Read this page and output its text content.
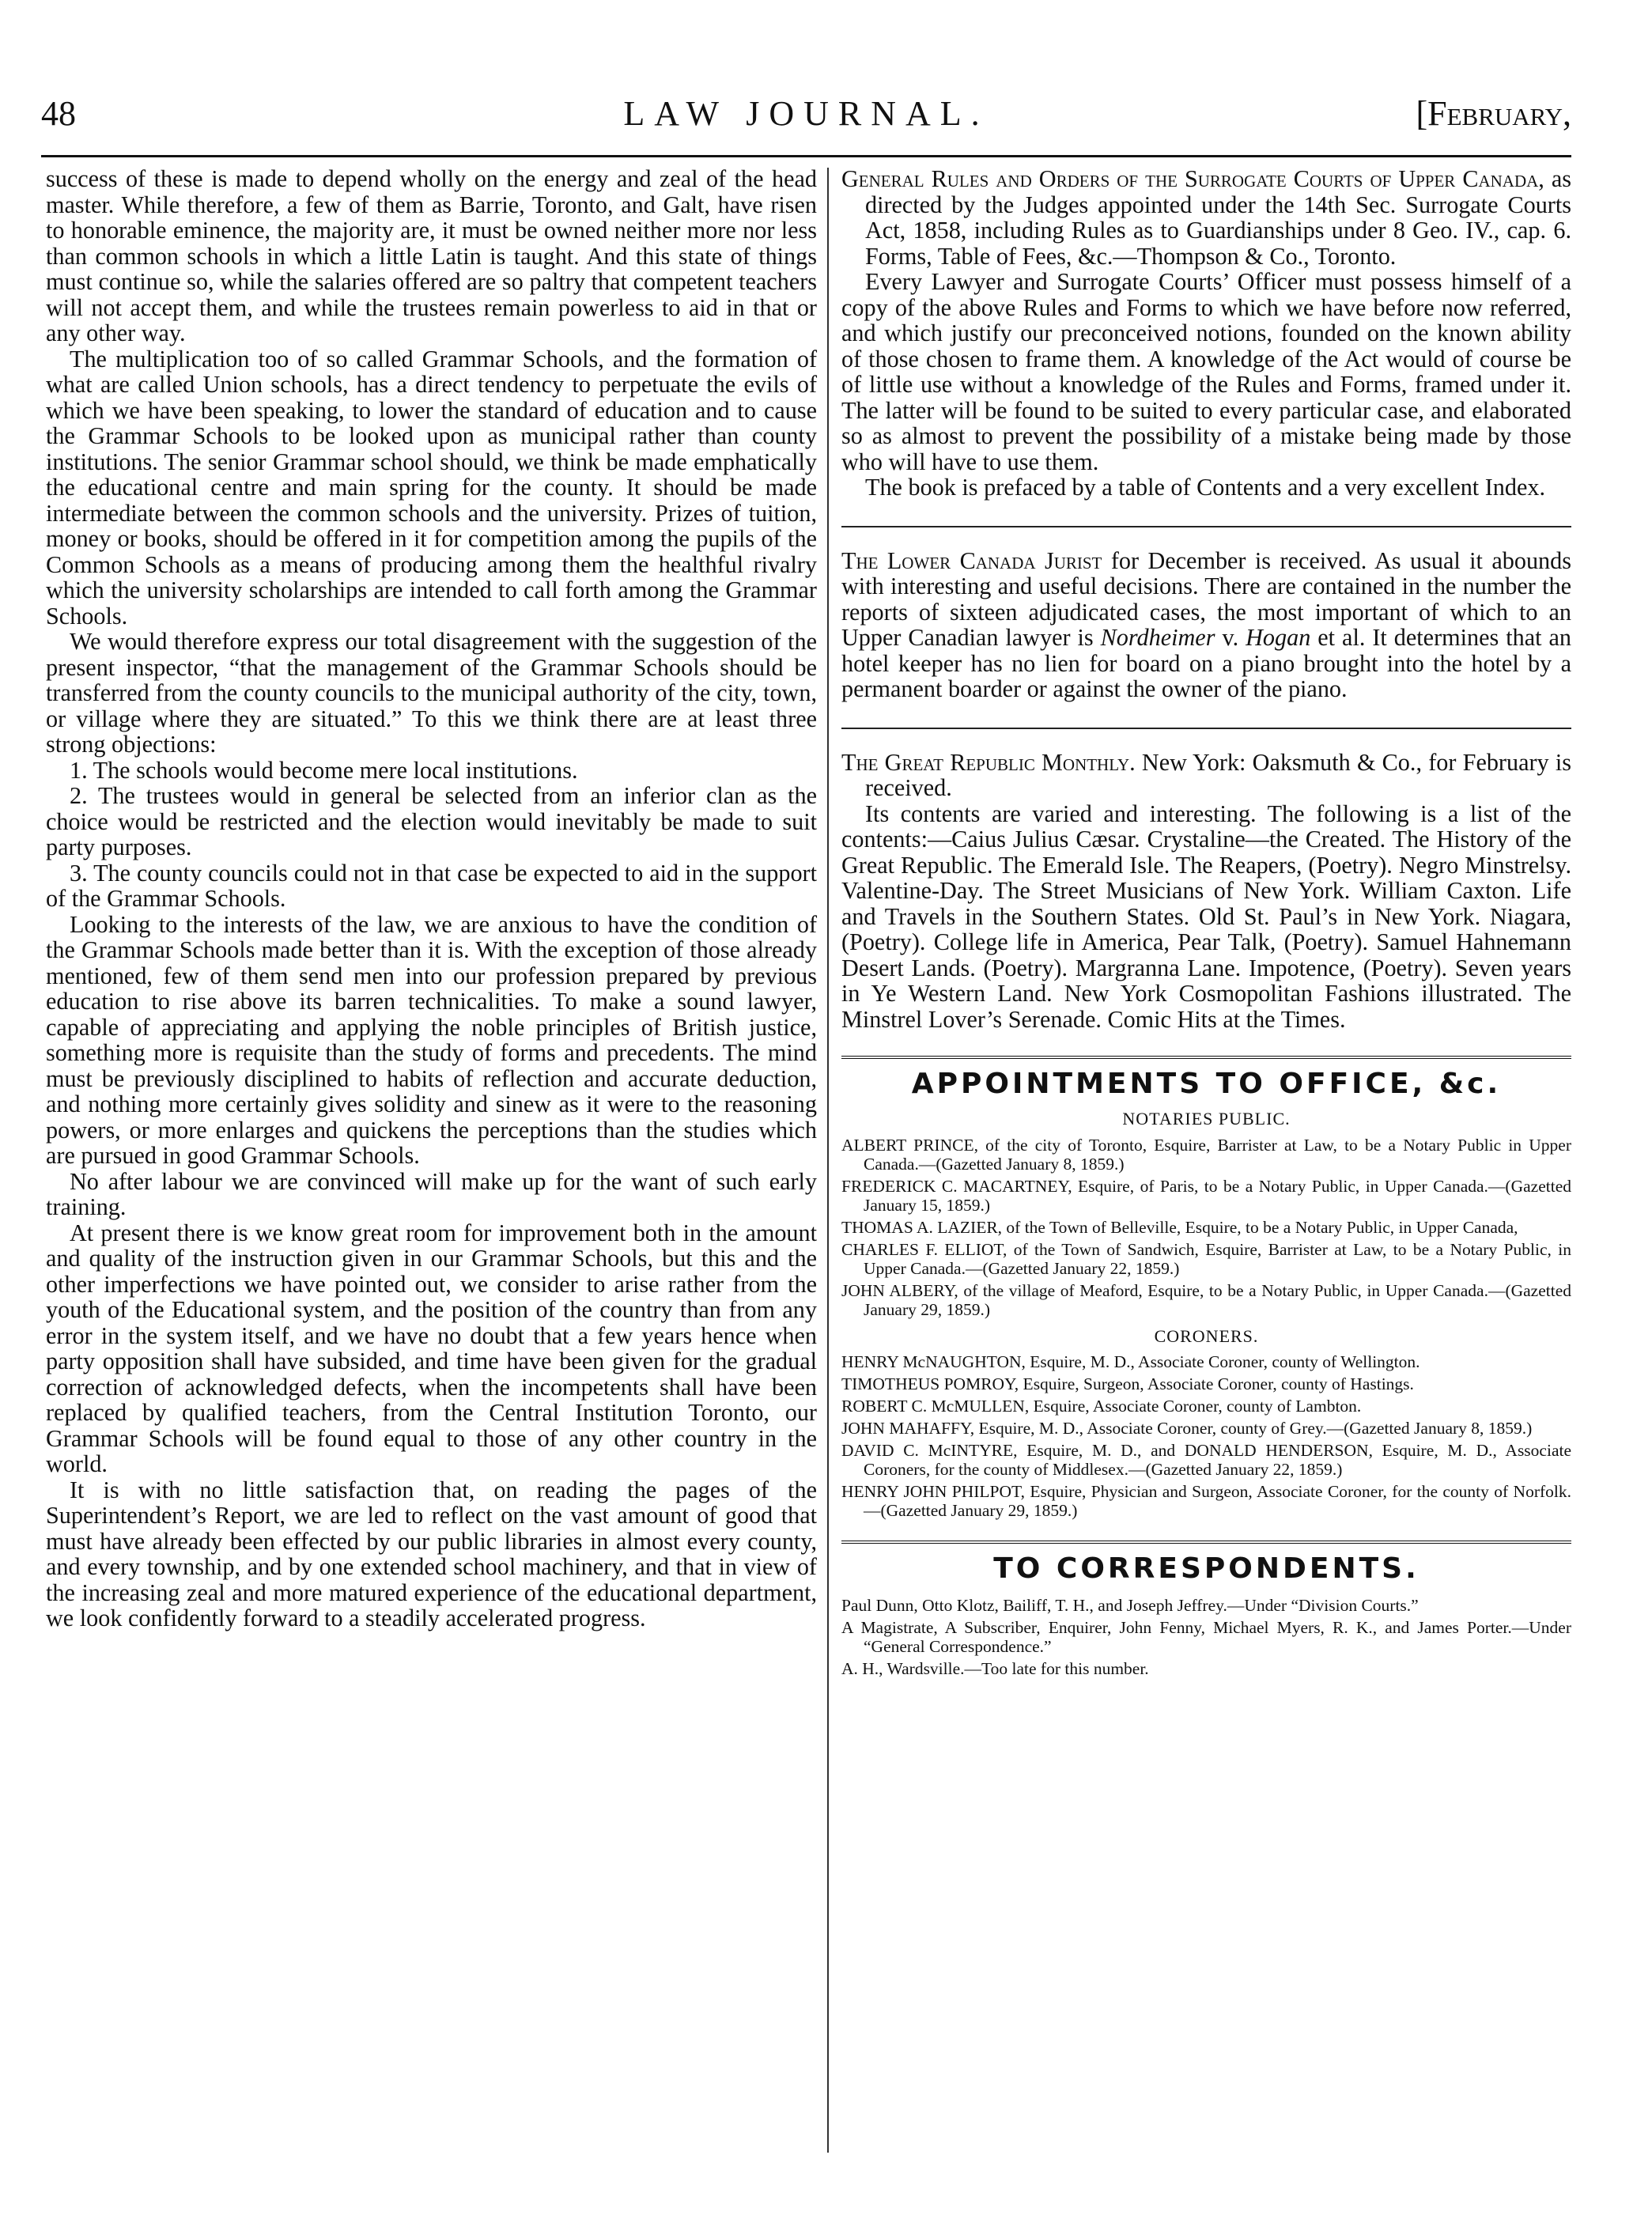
48	LAW JOURNAL.	[February,

success of these is made to depend wholly on the energy and zeal of the head master. While therefore, a few of them as Barrie, Toronto, and Galt, have risen to honorable eminence, the majority are, it must be owned neither more nor less than common schools in which a little Latin is taught. And this state of things must continue so, while the salaries offered are so paltry that competent teachers will not accept them, and while the trustees remain powerless to aid in that or any other way.

The multiplication too of so called Grammar Schools, and the formation of what are called Union schools, has a direct tendency to perpetuate the evils of which we have been speaking, to lower the standard of education and to cause the Grammar Schools to be looked upon as municipal rather than county institutions. The senior Grammar school should, we think be made emphatically the educational centre and main spring for the county. It should be made intermediate between the common schools and the university. Prizes of tuition, money or books, should be offered in it for competition among the pupils of the Common Schools as a means of producing among them the healthful rivalry which the university scholarships are intended to call forth among the Grammar Schools.

We would therefore express our total disagreement with the suggestion of the present inspector, “that the management of the Grammar Schools should be transferred from the county councils to the municipal authority of the city, town, or village where they are situated.” To this we think there are at least three strong objections:

1. The schools would become mere local institutions.
2. The trustees would in general be selected from an inferior clan as the choice would be restricted and the election would inevitably be made to suit party purposes.
3. The county councils could not in that case be expected to aid in the support of the Grammar Schools.

Looking to the interests of the law, we are anxious to have the condition of the Grammar Schools made better than it is. With the exception of those already mentioned, few of them send men into our profession prepared by previous education to rise above its barren technicalities. To make a sound lawyer, capable of appreciating and applying the noble principles of British justice, something more is requisite than the study of forms and precedents. The mind must be previously disciplined to habits of reflection and accurate deduction, and nothing more certainly gives solidity and sinew as it were to the reasoning powers, or more enlarges and quickens the perceptions than the studies which are pursued in good Grammar Schools.

No after labour we are convinced will make up for the want of such early training.

At present there is we know great room for improvement both in the amount and quality of the instruction given in our Grammar Schools, but this and the other imperfections we have pointed out, we consider to arise rather from the youth of the Educational system, and the position of the country than from any error in the system itself, and we have no doubt that a few years hence when party opposition shall have subsided, and time have been given for the gradual correction of acknowledged defects, when the incompetents shall have been replaced by qualified teachers, from the Central Institution Toronto, our Grammar Schools will be found equal to those of any other country in the world.

It is with no little satisfaction that, on reading the pages of the Superintendent’s Report, we are led to reflect on the vast amount of good that must have already been effected by our public libraries in almost every county, and every township, and by one extended school machinery, and that in view of the increasing zeal and more matured experience of the educational department, we look confidently forward to a steadily accelerated progress.

General Rules and Orders of the Surrogate Courts of Upper Canada, as directed by the Judges appointed under the 14th Sec. Surrogate Courts Act, 1858, including Rules as to Guardianships under 8 Geo. IV., cap. 6. Forms, Table of Fees, &c.—Thompson & Co., Toronto.

Every Lawyer and Surrogate Courts’ Officer must possess himself of a copy of the above Rules and Forms to which we have before now referred, and which justify our preconceived notions, founded on the known ability of those chosen to frame them. A knowledge of the Act would of course be of little use without a knowledge of the Rules and Forms, framed under it. The latter will be found to be suited to every particular case, and elaborated so as almost to prevent the possibility of a mistake being made by those who will have to use them.

The book is prefaced by a table of Contents and a very excellent Index.

The Lower Canada Jurist for December is received. As usual it abounds with interesting and useful decisions. There are contained in the number the reports of sixteen adjudicated cases, the most important of which to an Upper Canadian lawyer is Nordheimer v. Hogan et al. It determines that an hotel keeper has no lien for board on a piano brought into the hotel by a permanent boarder or against the owner of the piano.

The Great Republic Monthly. New York: Oaksmuth & Co., for February is received.

Its contents are varied and interesting. The following is a list of the contents:—Caius Julius Cæsar. Crystaline—the Created. The History of the Great Republic. The Emerald Isle. The Reapers, (Poetry). Negro Minstrelsy. Valentine-Day. The Street Musicians of New York. William Caxton. Life and Travels in the Southern States. Old St. Paul’s in New York. Niagara, (Poetry). College life in America, Pear Talk, (Poetry). Samuel Hahnemann Desert Lands. (Poetry). Margranna Lane. Impotence, (Poetry). Seven years in Ye Western Land. New York Cosmopolitan Fashions illustrated. The Minstrel Lover’s Serenade. Comic Hits at the Times.

APPOINTMENTS TO OFFICE, &c.
NOTARIES PUBLIC.

ALBERT PRINCE, of the city of Toronto, Esquire, Barrister at Law, to be a Notary Public in Upper Canada.—(Gazetted January 8, 1859.)

FREDERICK C. MACARTNEY, Esquire, of Paris, to be a Notary Public, in Upper Canada.—(Gazetted January 15, 1859.)

THOMAS A. LAZIER, of the Town of Belleville, Esquire, to be a Notary Public, in Upper Canada,

CHARLES F. ELLIOT, of the Town of Sandwich, Esquire, Barrister at Law, to be a Notary Public, in Upper Canada.—(Gazetted January 22, 1859.)

JOHN ALBERY, of the village of Meaford, Esquire, to be a Notary Public, in Upper Canada.—(Gazetted January 29, 1859.)

CORONERS.

HENRY McNAUGHTON, Esquire, M. D., Associate Coroner, county of Wellington.

TIMOTHEUS POMROY, Esquire, Surgeon, Associate Coroner, county of Hastings.

ROBERT C. McMULLEN, Esquire, Associate Coroner, county of Lambton.

JOHN MAHAFFY, Esquire, M. D., Associate Coroner, county of Grey.—(Gazetted January 8, 1859.)

DAVID C. McINTYRE, Esquire, M. D., and DONALD HENDERSON, Esquire, M. D., Associate Coroners, for the county of Middlesex.—(Gazetted January 22, 1859.)

HENRY JOHN PHILPOT, Esquire, Physician and Surgeon, Associate Coroner, for the county of Norfolk.—(Gazetted January 29, 1859.)

TO CORRESPONDENTS.

Paul Dunn, Otto Klotz, Bailiff, T. H., and Joseph Jeffrey.—Under “Division Courts.”

A Magistrate, A Subscriber, Enquirer, John Fenny, Michael Myers, R. K., and James Porter.—Under “General Correspondence.”

A. H., Wardsville.—Too late for this number.
